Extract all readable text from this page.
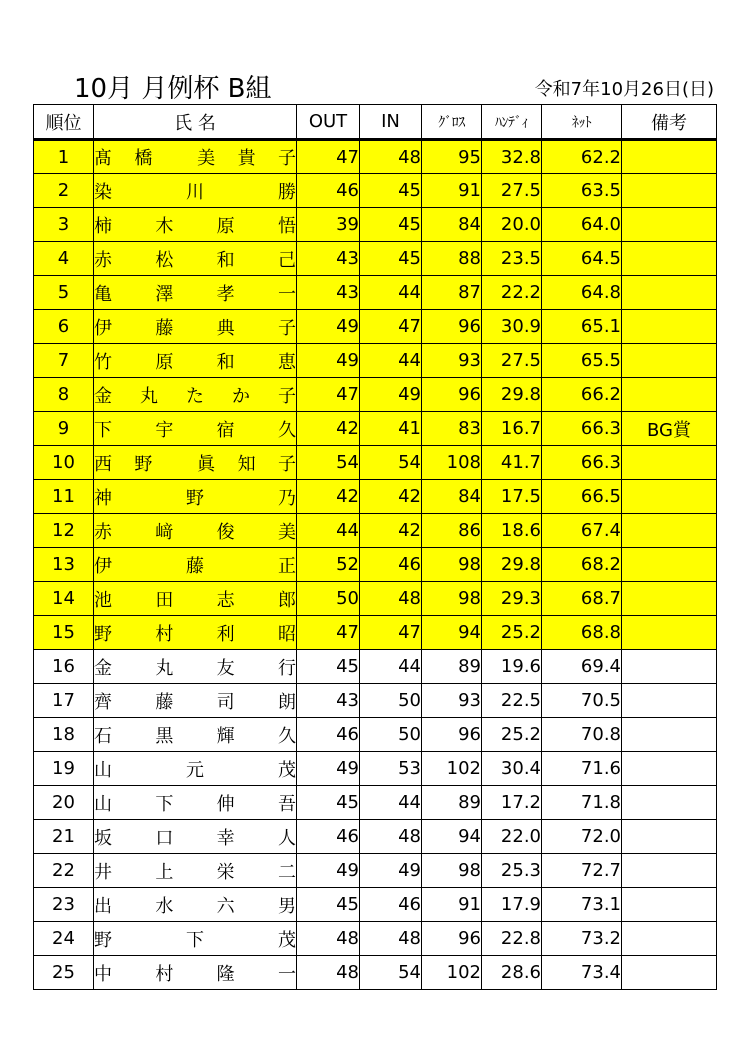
10月 月例杯 B組	令和7年10月26日(日)
順位	氏 名	OUT	IN	ｸﾞﾛｽ	ﾊﾝﾃﾞｨ	ﾈｯﾄ	備考
1	髙 橋 美 貴 子	47	48	95	32.8	62.2	
2	染 川 勝	46	45	91	27.5	63.5	
3	柿 木 原 悟	39	45	84	20.0	64.0	
4	赤 松 和 己	43	45	88	23.5	64.5	
5	亀 澤 孝 一	43	44	87	22.2	64.8	
6	伊 藤 典 子	49	47	96	30.9	65.1	
7	竹 原 和 恵	49	44	93	27.5	65.5	
8	金 丸 た か 子	47	49	96	29.8	66.2	
9	下 宇 宿 久	42	41	83	16.7	66.3	BG賞
10	西 野 眞 知 子	54	54	108	41.7	66.3	
11	神 野 乃	42	42	84	17.5	66.5	
12	赤 﨑 俊 美	44	42	86	18.6	67.4	
13	伊 藤 正	52	46	98	29.8	68.2	
14	池 田 志 郎	50	48	98	29.3	68.7	
15	野 村 利 昭	47	47	94	25.2	68.8	
16	金 丸 友 行	45	44	89	19.6	69.4	
17	齊 藤 司 朗	43	50	93	22.5	70.5	
18	石 黒 輝 久	46	50	96	25.2	70.8	
19	山 元 茂	49	53	102	30.4	71.6	
20	山 下 伸 吾	45	44	89	17.2	71.8	
21	坂 口 幸 人	46	48	94	22.0	72.0	
22	井 上 栄 二	49	49	98	25.3	72.7	
23	出 水 六 男	45	46	91	17.9	73.1	
24	野 下 茂	48	48	96	22.8	73.2	
25	中 村 隆 一	48	54	102	28.6	73.4	
